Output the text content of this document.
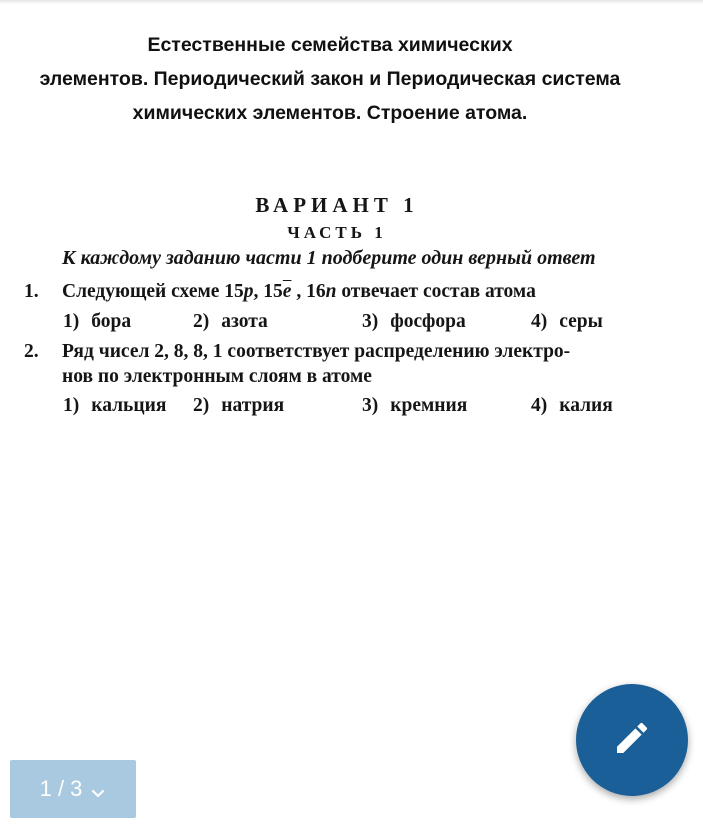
Естественные семейства химических
элементов. Периодический закон и Периодическая система
химических элементов. Строение атома.
ВАРИАНТ 1
ЧАСТЬ 1
К каждому заданию части 1 подберите один верный ответ
1. Следующей схеме 15p, $15\overline{e}$ , 16n отвечает состав атома
1) бора	2) азота	3) фосфора	4) серы
2. Ряд чисел 2, 8, 8, 1 соответствует распределению электро-
нов по электронным слоям в атоме
1) кальция 2) натрия	3) кремния	4) калия
1 / 3
